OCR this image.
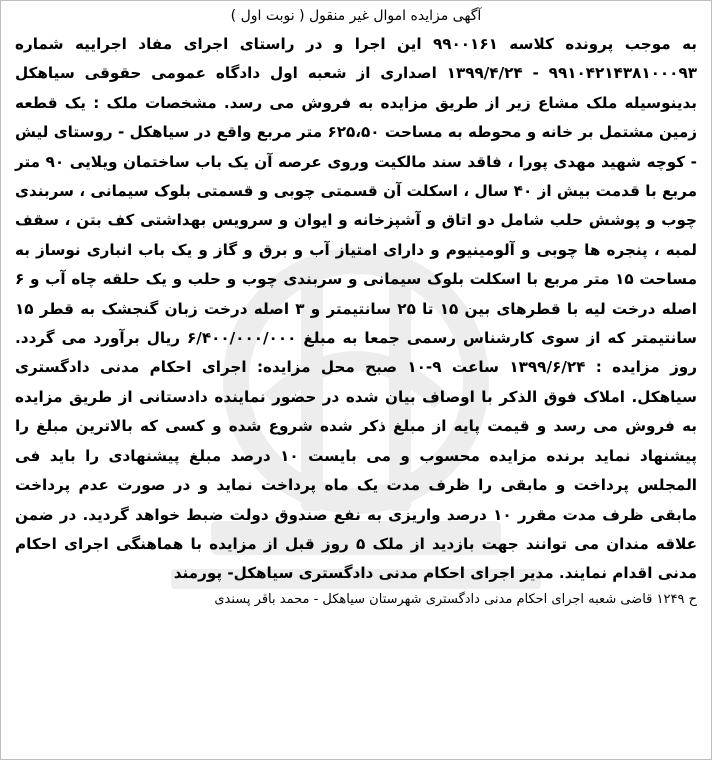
آگهی مزایده اموال غیر منقول ( نوبت اول )

به موجب پرونده کلاسه ۹۹۰۰۱۶۱ این اجرا و در راستای اجرای مفاد اجراییه شماره ۹۹۱۰۴۲۱۴۳۸۱۰۰۰۹۳ - ۱۳۹۹/۴/۲۴ اصداری از شعبه اول دادگاه عمومی حقوقی سیاهکل بدینوسیله ملک مشاع زیر از طریق مزایده به فروش می رسد. مشخصات ملک : یک قطعه زمین مشتمل بر خانه و محوطه به مساحت ۶۲۵،۵۰ متر مربع واقع در سیاهکل - روستای لیش - کوچه شهید مهدی پورا ، فاقد سند مالکیت وروی عرصه آن یک باب ساختمان ویلایی ۹۰ متر مربع با قدمت بیش از ۴۰ سال ، اسکلت آن قسمتی چوبی و قسمتی بلوک سیمانی ، سربندی چوب و پوشش حلب شامل دو اتاق و آشپزخانه و ایوان و سرویس بهداشتی کف بتن ، سقف لمبه ، پنجره ها چوبی و آلومینیوم و دارای امتیاز آب و برق و گاز و یک باب انباری نوساز به مساحت ۱۵ متر مربع با اسکلت بلوک سیمانی و سربندی چوب و حلب و یک حلقه چاه آب و ۶ اصله درخت لیه با قطرهای بین ۱۵ تا ۲۵ سانتیمتر و ۳ اصله درخت زبان گنجشک به قطر ۱۵ سانتیمتر که از سوی کارشناس رسمی جمعا به مبلغ ۶/۴۰۰/۰۰۰/۰۰۰ ریال برآورد می گردد. روز مزایده : ۱۳۹۹/۶/۲۴ ساعت ۹-۱۰ صبح محل مزایده: اجرای احکام مدنی دادگستری سیاهکل. املاک فوق الذکر با اوصاف بیان شده در حضور نماینده دادستانی از طریق مزایده به فروش می رسد و قیمت پایه از مبلغ ذکر شده شروع شده و کسی که بالاترین مبلغ را پیشنهاد نماید برنده مزایده محسوب و می بایست ۱۰ درصد مبلغ پیشنهادی را باید فی المجلس پرداخت و مابقی را ظرف مدت یک ماه پرداخت نماید و در صورت عدم پرداخت مابقی ظرف مدت مقرر ۱۰ درصد واریزی به نفع صندوق دولت ضبط خواهد گردید. در ضمن علاقه مندان می توانند جهت بازدید از ملک ۵ روز قبل از مزایده با هماهنگی اجرای احکام مدنی اقدام نمایند. مدیر اجرای احکام مدنی دادگستری سیاهکل- پورمند

ح ۱۲۴۹ قاضی شعبه اجرای احکام مدنی دادگستری شهرستان سیاهکل - محمد باقر پسندی
